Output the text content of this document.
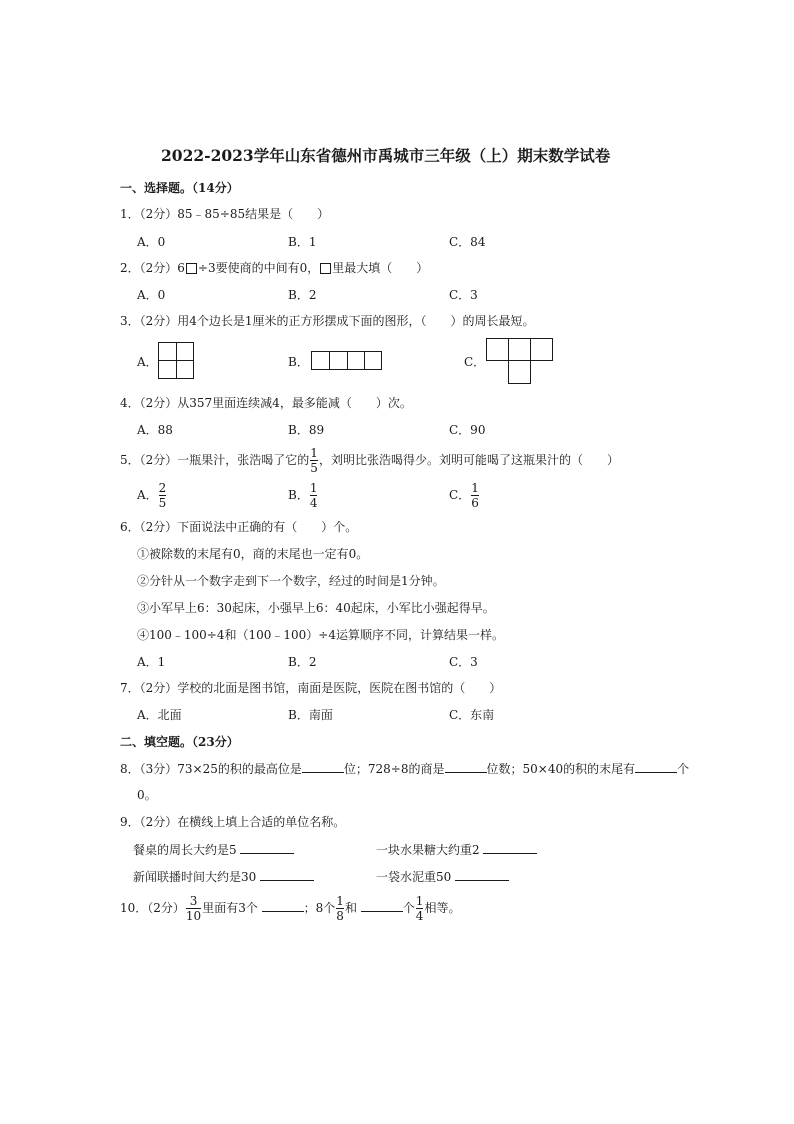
2022-2023学年山东省德州市禹城市三年级（上）期末数学试卷
一、选择题。（14分）
1．（2分）85﹣85÷85结果是（　　）
A．0	B．1	C．84
2．（2分）6 ÷3要使商的中间有0， 里最大填（　　）
A．0	B．2	C．3
3．（2分）用4个边长是1厘米的正方形摆成下面的图形，（　　）的周长最短。
A．	B．	C．
4．（2分）从357里面连续减4，最多能减（　　）次。
A．88	B．89	C．90
5．（2分）一瓶果汁，张浩喝了它的 $\frac{1}{5}$ ，刘明比张浩喝得少。刘明可能喝了这瓶果汁的（　　）
A． $\frac{2}{5}$	B． $\frac{1}{4}$	C． $\frac{1}{6}$
6．（2分）下面说法中正确的有（　　）个。
①被除数的末尾有0，商的末尾也一定有0。
②分针从一个数字走到下一个数字，经过的时间是1分钟。
③小军早上6：30起床，小强早上6：40起床，小军比小强起得早。
④100﹣100÷4和（100﹣100）÷4运算顺序不同，计算结果一样。
A．1	B．2	C．3
7．（2分）学校的北面是图书馆，南面是医院，医院在图书馆的（　　）
A．北面	B．南面	C．东南
二、填空题。（23分）
8．（3分）73×25的积的最高位是	位；728÷8的商是	位数；50×40的积的末尾有	个
0。
9．（2分）在横线上填上合适的单位名称。
餐桌的周长大约是5	一块水果糖大约重2
新闻联播时间大约是30	一袋水泥重50
10．（2分） $\frac{3}{10}$ 里面有3个	；8个 $\frac{1}{8}$ 和	个 $\frac{1}{4}$ 相等。
